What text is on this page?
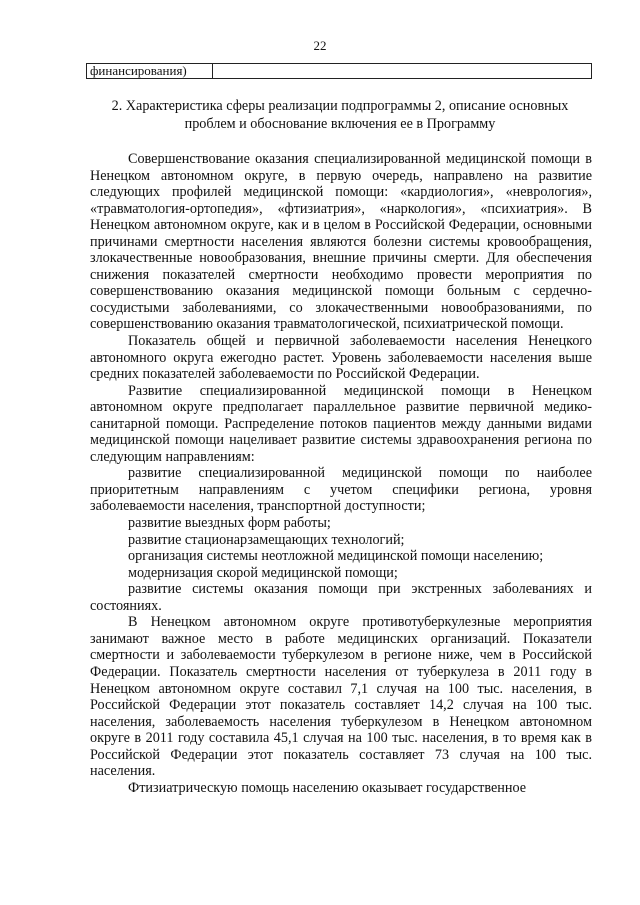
22
финансирования)
2. Характеристика сферы реализации подпрограммы 2, описание основных проблем и обоснование включения ее в Программу

Совершенствование оказания специализированной медицинской помощи в Ненецком автономном округе, в первую очередь, направлено на развитие следующих профилей медицинской помощи: «кардиология», «неврология», «травматология-ортопедия», «фтизиатрия», «наркология», «психиатрия». В Ненецком автономном округе, как и в целом в Российской Федерации, основными причинами смертности населения являются болезни системы кровообращения, злокачественные новообразования, внешние причины смерти. Для обеспечения снижения показателей смертности необходимо провести мероприятия по совершенствованию оказания медицинской помощи больным с сердечно-сосудистыми заболеваниями, со злокачественными новообразованиями, по совершенствованию оказания травматологической, психиатрической помощи.

Показатель общей и первичной заболеваемости населения Ненецкого автономного округа ежегодно растет. Уровень заболеваемости населения выше средних показателей заболеваемости по Российской Федерации.

Развитие специализированной медицинской помощи в Ненецком автономном округе предполагает параллельное развитие первичной медико-санитарной помощи. Распределение потоков пациентов между данными видами медицинской помощи нацеливает развитие системы здравоохранения региона по следующим направлениям:

развитие специализированной медицинской помощи по наиболее приоритетным направлениям с учетом специфики региона, уровня заболеваемости населения, транспортной доступности;

развитие выездных форм работы;

развитие стационарзамещающих технологий;

организация системы неотложной медицинской помощи населению;

модернизация скорой медицинской помощи;

развитие системы оказания помощи при экстренных заболеваниях и состояниях.

В Ненецком автономном округе противотуберкулезные мероприятия занимают важное место в работе медицинских организаций. Показатели смертности и заболеваемости туберкулезом в регионе ниже, чем в Российской Федерации. Показатель смертности населения от туберкулеза в 2011 году в Ненецком автономном округе составил 7,1 случая на 100 тыс. населения, в Российской Федерации этот показатель составляет 14,2 случая на 100 тыс. населения, заболеваемость населения туберкулезом в Ненецком автономном округе в 2011 году составила 45,1 случая на 100 тыс. населения, в то время как в Российской Федерации этот показатель составляет 73 случая на 100 тыс. населения.

Фтизиатрическую помощь населению оказывает государственное
